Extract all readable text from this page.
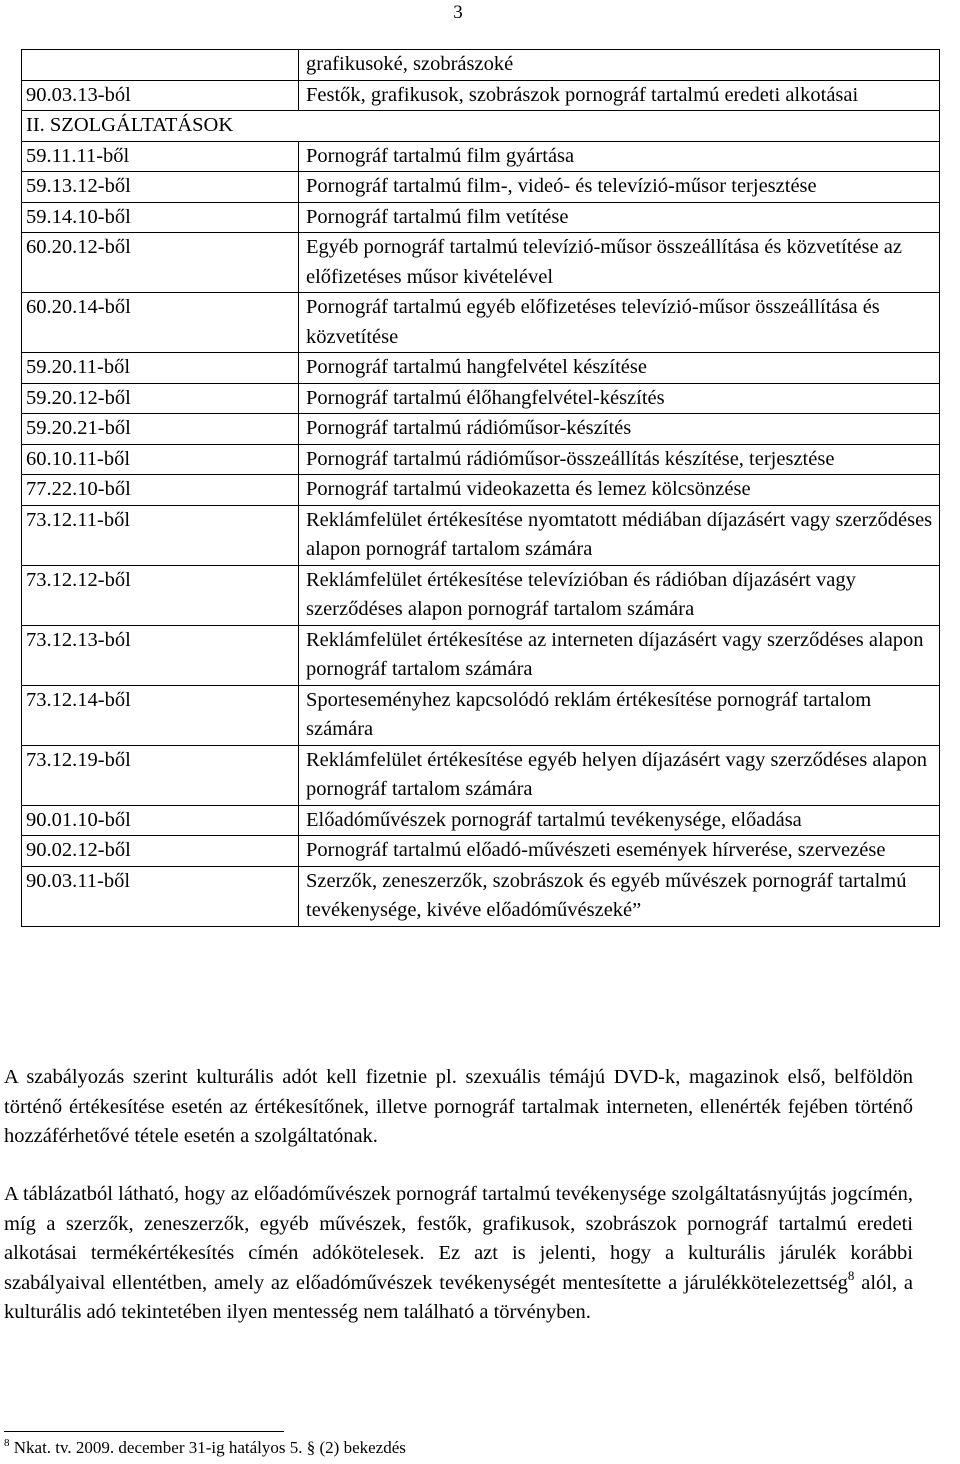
3
	grafikusoké, szobrászoké
90.03.13-ból	Festők, grafikusok, szobrászok pornográf tartalmú eredeti alkotásai
II. SZOLGÁLTATÁSOK	
59.11.11-ből	Pornográf tartalmú film gyártása
59.13.12-ből	Pornográf tartalmú film-, videó- és televízió-műsor terjesztése
59.14.10-ből	Pornográf tartalmú film vetítése
60.20.12-ből	Egyéb pornográf tartalmú televízió-műsor összeállítása és közvetítése az előfizetéses műsor kivételével
60.20.14-ből	Pornográf tartalmú egyéb előfizetéses televízió-műsor összeállítása és közvetítése
59.20.11-ből	Pornográf tartalmú hangfelvétel készítése
59.20.12-ből	Pornográf tartalmú élőhangfelvétel-készítés
59.20.21-ből	Pornográf tartalmú rádióműsor-készítés
60.10.11-ből	Pornográf tartalmú rádióműsor-összeállítás készítése, terjesztése
77.22.10-ből	Pornográf tartalmú videokazetta és lemez kölcsönzése
73.12.11-ből	Reklámfelület értékesítése nyomtatott médiában díjazásért vagy szerződéses alapon pornográf tartalom számára
73.12.12-ből	Reklámfelület értékesítése televízióban és rádióban díjazásért vagy szerződéses alapon pornográf tartalom számára
73.12.13-ból	Reklámfelület értékesítése az interneten díjazásért vagy szerződéses alapon pornográf tartalom számára
73.12.14-ből	Sporteseményhez kapcsolódó reklám értékesítése pornográf tartalom számára
73.12.19-ből	Reklámfelület értékesítése egyéb helyen díjazásért vagy szerződéses alapon pornográf tartalom számára
90.01.10-ből	Előadóművészek pornográf tartalmú tevékenysége, előadása
90.02.12-ből	Pornográf tartalmú előadó-művészeti események hírverése, szervezése
90.03.11-ből	Szerzők, zeneszerzők, szobrászok és egyéb művészek pornográf tartalmú tevékenysége, kivéve előadóművészeké”

A szabályozás szerint kulturális adót kell fizetnie pl. szexuális témájú DVD-k, magazinok első, belföldön történő értékesítése esetén az értékesítőnek, illetve pornográf tartalmak interneten, ellenérték fejében történő hozzáférhetővé tétele esetén a szolgáltatónak.

A táblázatból látható, hogy az előadóművészek pornográf tartalmú tevékenysége szolgáltatásnyújtás jogcímén, míg a szerzők, zeneszerzők, egyéb művészek, festők, grafikusok, szobrászok pornográf tartalmú eredeti alkotásai termékértékesítés címén adókötelesek. Ez azt is jelenti, hogy a kulturális járulék korábbi szabályaival ellentétben, amely az előadóművészek tevékenységét mentesítette a járulékkötelezettség$^8$ alól, a kulturális adó tekintetében ilyen mentesség nem található a törvényben.

$^8$ Nkat. tv. 2009. december 31-ig hatályos 5. § (2) bekezdés
